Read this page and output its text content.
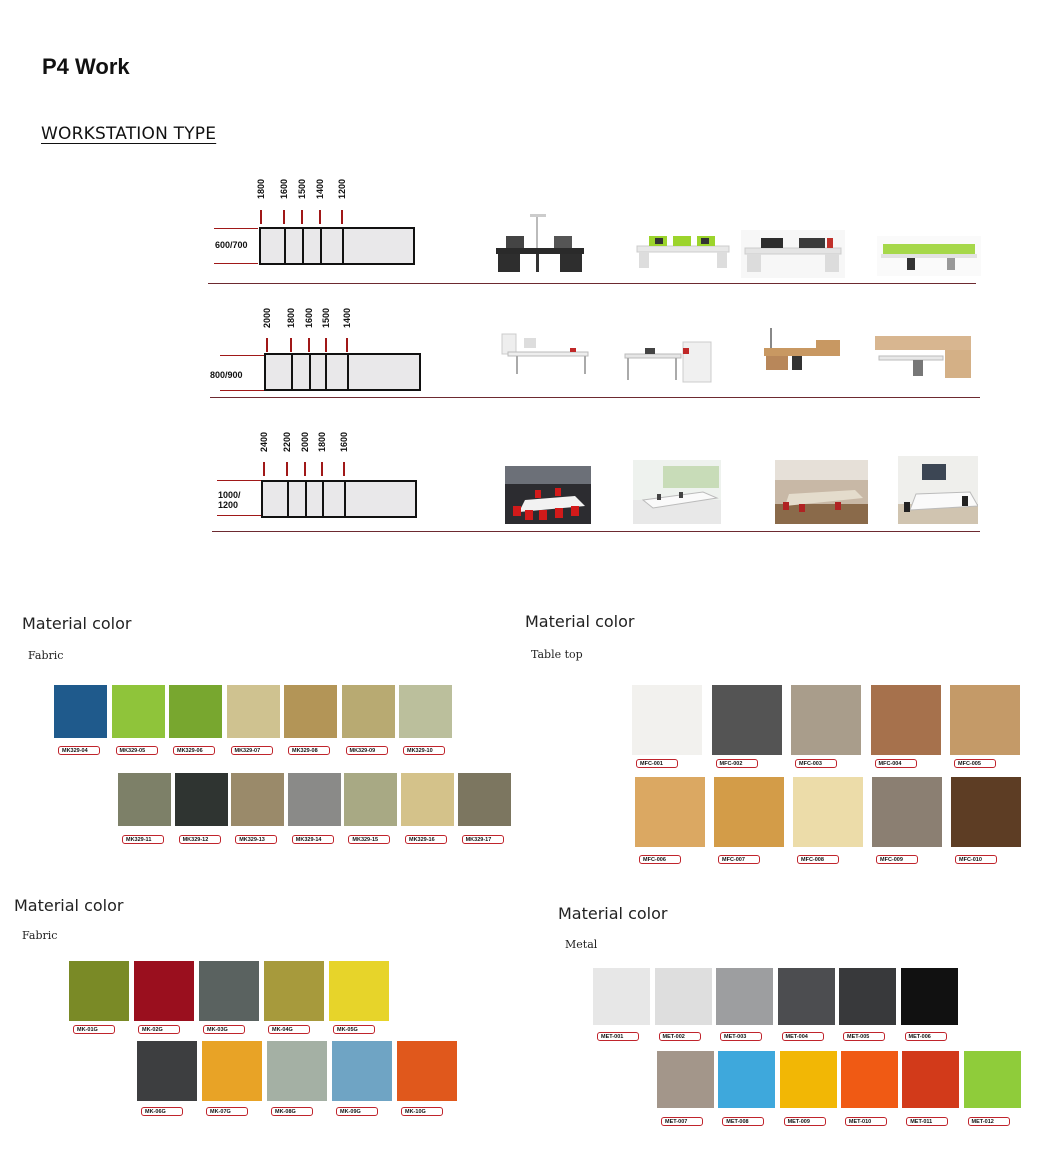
P4 Work
WORKSTATION TYPE
600/700
1800 1600 1500 1400 1200
800/900
2000 1800 1600 1500 1400
1000/
1200
2400 2200 2000 1800 1600
Material color
Fabric
MK329-04	MK329-05	MK329-06	MK329-07	MK329-08	MK329-09	MK329-10
MK329-11	MK329-12	MK329-13	MK329-14	MK329-15	MK329-16	MK329-17
Material color
Table top
MFC-001	MFC-002	MFC-003	MFC-004	MFC-005
MFC-006	MFC-007	MFC-008	MFC-009	MFC-010
Material color
Fabric
MK-01G	MK-02G	MK-03G	MK-04G	MK-05G
MK-06G	MK-07G	MK-08G	MK-09G	MK-10G
Material color
Metal
MET-001	MET-002	MET-003	MET-004	MET-005	MET-006
MET-007	MET-008	MET-009	MET-010	MET-011	MET-012
